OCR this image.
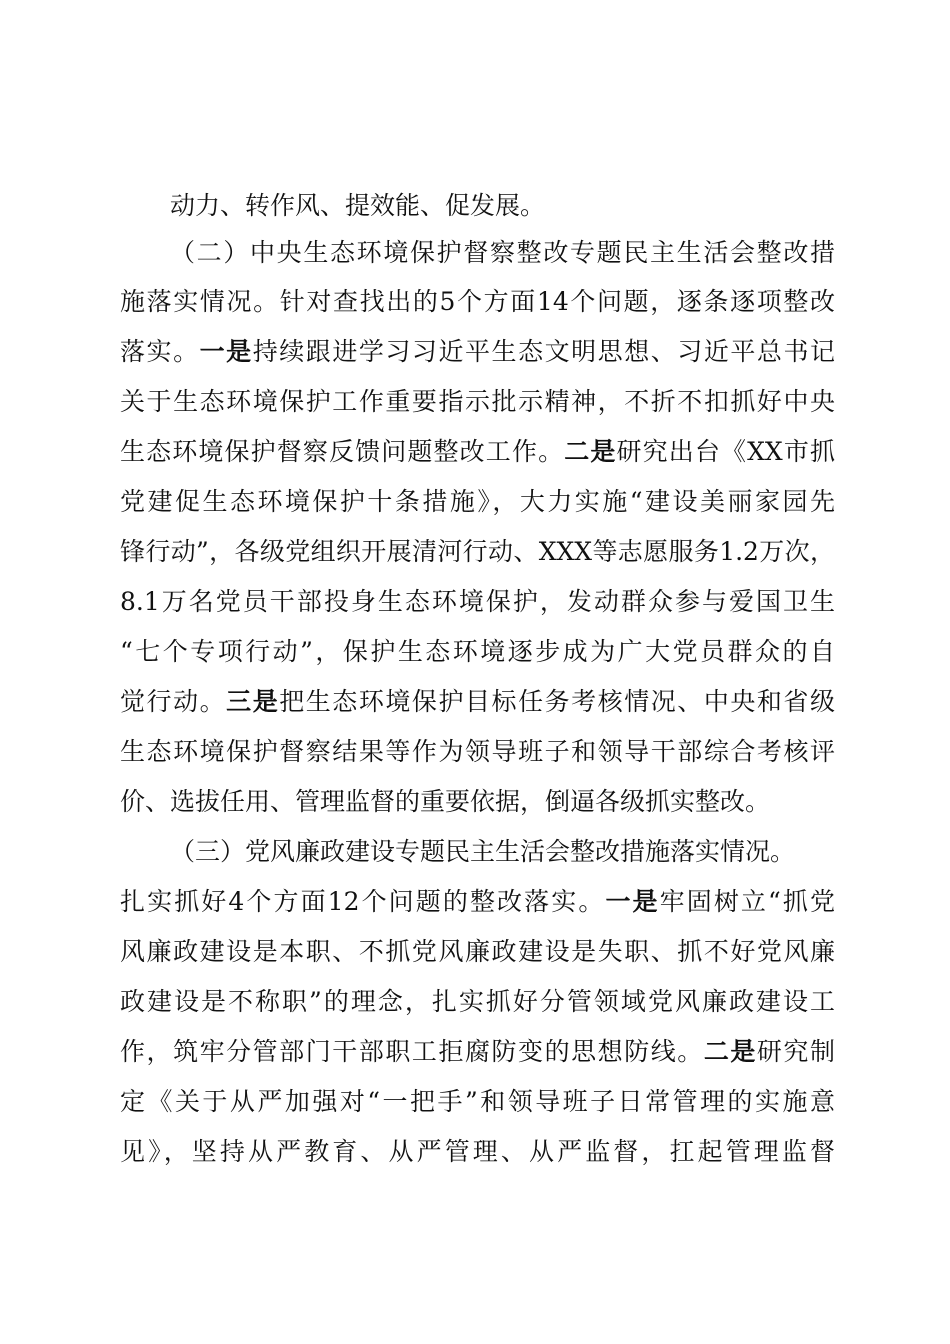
动力、转作风、提效能、促发展。
（二）中央生态环境保护督察整改专题民主生活会整改措
施落实情况。针对查找出的5个方面14个问题，逐条逐项整改
落实。一是持续跟进学习习近平生态文明思想、习近平总书记
关于生态环境保护工作重要指示批示精神，不折不扣抓好中央
生态环境保护督察反馈问题整改工作。二是研究出台《XX市抓
党建促生态环境保护十条措施》，大力实施“建设美丽家园先
锋行动”，各级党组织开展清河行动、XXX等志愿服务1.2万次，
8.1万名党员干部投身生态环境保护，发动群众参与爱国卫生
“七个专项行动”，保护生态环境逐步成为广大党员群众的自
觉行动。三是把生态环境保护目标任务考核情况、中央和省级
生态环境保护督察结果等作为领导班子和领导干部综合考核评
价、选拔任用、管理监督的重要依据，倒逼各级抓实整改。
（三）党风廉政建设专题民主生活会整改措施落实情况。
扎实抓好4个方面12个问题的整改落实。一是牢固树立“抓党
风廉政建设是本职、不抓党风廉政建设是失职、抓不好党风廉
政建设是不称职”的理念，扎实抓好分管领域党风廉政建设工
作，筑牢分管部门干部职工拒腐防变的思想防线。二是研究制
定《关于从严加强对“一把手”和领导班子日常管理的实施意
见》，坚持从严教育、从严管理、从严监督，扛起管理监督
